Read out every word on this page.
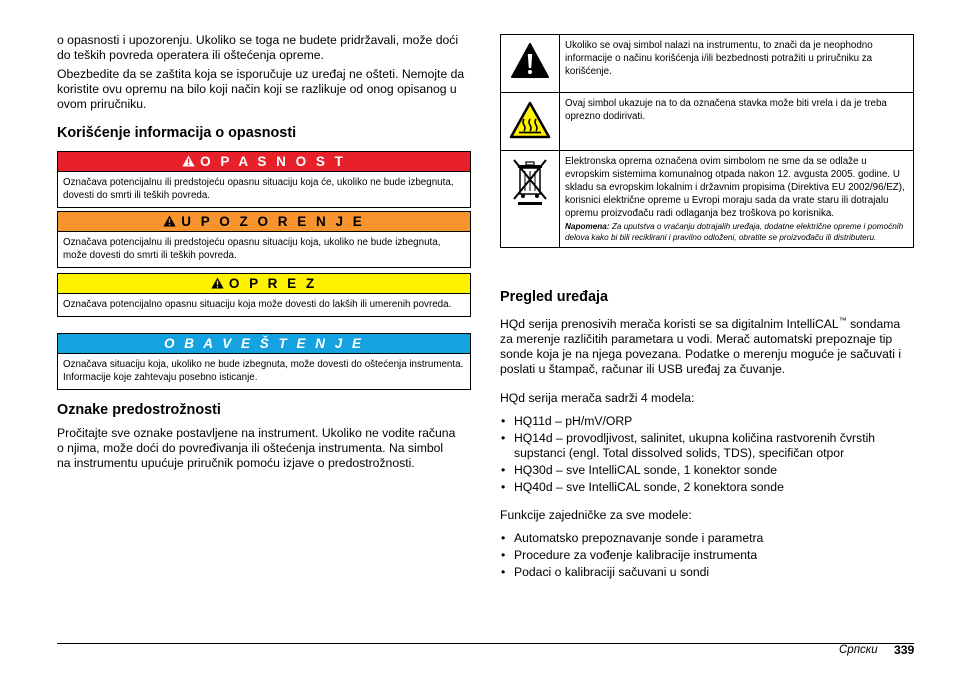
o opasnosti i upozorenju. Ukoliko se toga ne budete pridržavali, može doći do teških povreda operatera ili oštećenja opreme.

Obezbedite da se zaštita koja se isporučuje uz uređaj ne ošteti. Nemojte da koristite ovu opremu na bilo koji način koji se razlikuje od onog opisanog u ovom priručniku.

Korišćenje informacija o opasnosti
O P A S N O S T
Označava potencijalnu ili predstojeću opasnu situaciju koja će, ukoliko ne bude izbegnuta, dovesti do smrti ili teških povreda.
U P O Z O R E N J E
Označava potencijalnu ili predstojeću opasnu situaciju koja, ukoliko ne bude izbegnuta, može dovesti do smrti ili teških povreda.
O P R E Z
Označava potencijalno opasnu situaciju koja može dovesti do lakših ili umerenih povreda.
O B A V E Š T E N J E
Označava situaciju koja, ukoliko ne bude izbegnuta, može dovesti do oštećenja instrumenta. Informacije koje zahtevaju posebno isticanje.
Oznake predostrožnosti

Pročitajte sve oznake postavljene na instrument. Ukoliko ne vodite računa o njima, može doći do povređivanja ili oštećenja instrumenta. Na simbol na instrumentu upućuje priručnik pomoću izjave o predostrožnosti.

	Ukoliko se ovaj simbol nalazi na instrumentu, to znači da je neophodno informacije o načinu korišćenja i/ili bezbednosti potražiti u priručniku za korišćenje.
	Ovaj simbol ukazuje na to da označena stavka može biti vrela i da je treba oprezno dodirivati.

Elektronska oprema označena ovim simbolom ne sme da se odlaže u evropskim sistemima komunalnog otpada nakon 12. avgusta 2005. godine. U skladu sa evropskim lokalnim i državnim propisima (Direktiva EU 2002/96/EZ), korisnici električne opreme u Evropi moraju sada da vrate staru ili dotrajalu opremu proizvođaču radi odlaganja bez troškova po korisnika.
Napomena: Za uputstva o vraćanju dotrajalih uređaja, dodatne električne opreme i pomoćnih delova kako bi bili reciklirani i pravilno odloženi, obratite se proizvođaču ili distributeru.
Pregled uređaja

HQd serija prenosivih merača koristi se sa digitalnim IntelliCAL™ sondama za merenje različitih parametara u vodi. Merač automatski prepoznaje tip sonde koja je na njega povezana. Podatke o merenju moguće je sačuvati i poslati u štampač, računar ili USB uređaj za čuvanje.

HQd serija merača sadrži 4 modela:

• HQ11d – pH/mV/ORP
• HQ14d – provodljivost, salinitet, ukupna količina rastvorenih čvrstih supstanci (engl. Total dissolved solids, TDS), specifičan otpor
• HQ30d – sve IntelliCAL sonde, 1 konektor sonde
• HQ40d – sve IntelliCAL sonde, 2 konektora sonde

Funkcije zajedničke za sve modele:

• Automatsko prepoznavanje sonde i parametra
• Procedure za vođenje kalibracije instrumenta
• Podaci o kalibraciji sačuvani u sondi
Српски 339
